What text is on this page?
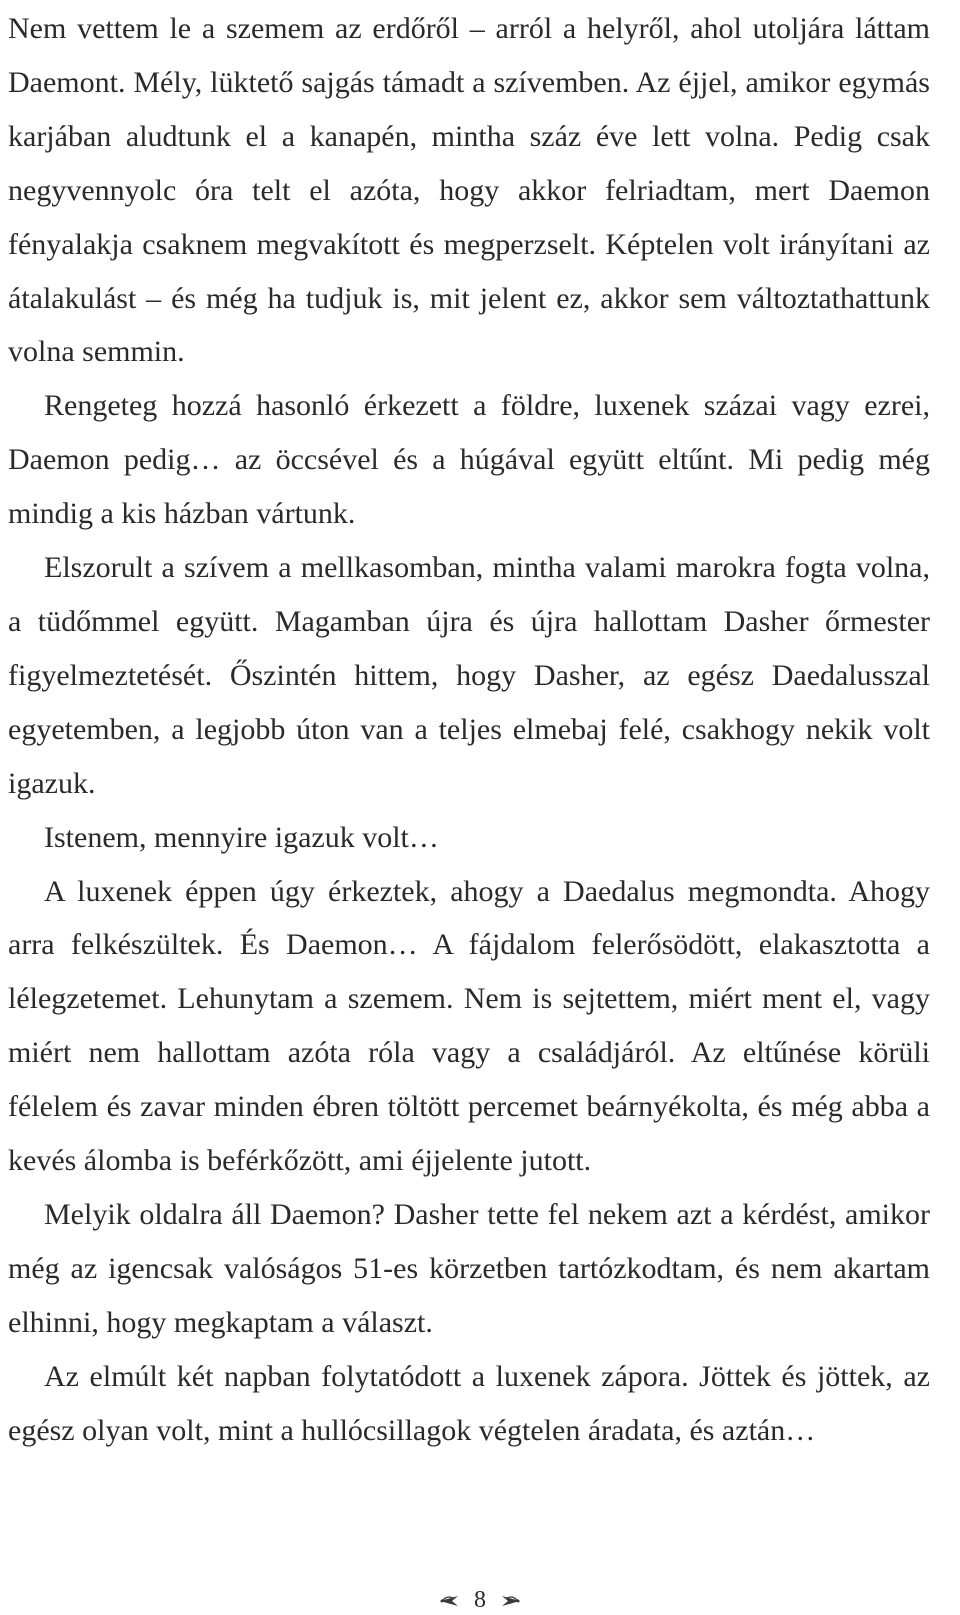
Nem vettem le a szemem az erdőről – arról a helyről, ahol utoljára láttam Daemont. Mély, lüktető sajgás támadt a szívemben. Az éjjel, amikor egymás karjában aludtunk el a kanapén, mintha száz éve lett volna. Pedig csak negyvennyolc óra telt el azóta, hogy akkor felriadtam, mert Daemon fényalakja csaknem megvakított és megperzselt. Képtelen volt irányítani az átalakulást – és még ha tudjuk is, mit jelent ez, akkor sem változtathattunk volna semmin.

Rengeteg hozzá hasonló érkezett a földre, luxenek százai vagy ezrei, Daemon pedig… az öccsével és a húgával együtt eltűnt. Mi pedig még mindig a kis házban vártunk.

Elszorult a szívem a mellkasomban, mintha valami marokra fogta volna, a tüdőmmel együtt. Magamban újra és újra hallottam Dasher őrmester figyelmeztetését. Őszintén hittem, hogy Dasher, az egész Daedalusszal egyetemben, a legjobb úton van a teljes elmebaj felé, csakhogy nekik volt igazuk.

Istenem, mennyire igazuk volt…

A luxenek éppen úgy érkeztek, ahogy a Daedalus megmondta. Ahogy arra felkészültek. És Daemon… A fájdalom felerősödött, elakasztotta a lélegzetemet. Lehunytam a szemem. Nem is sejtettem, miért ment el, vagy miért nem hallottam azóta róla vagy a családjáról. Az eltűnése körüli félelem és zavar minden ébren töltött percemet beárnyékolta, és még abba a kevés álomba is beférkőzött, ami éjjelente jutott.

Melyik oldalra áll Daemon? Dasher tette fel nekem azt a kérdést, amikor még az igencsak valóságos 51-es körzetben tartózkodtam, és nem akartam elhinni, hogy megkaptam a választ.

Az elmúlt két napban folytatódott a luxenek zápora. Jöttek és jöttek, az egész olyan volt, mint a hullócsillagok végtelen áradata, és aztán…

8
